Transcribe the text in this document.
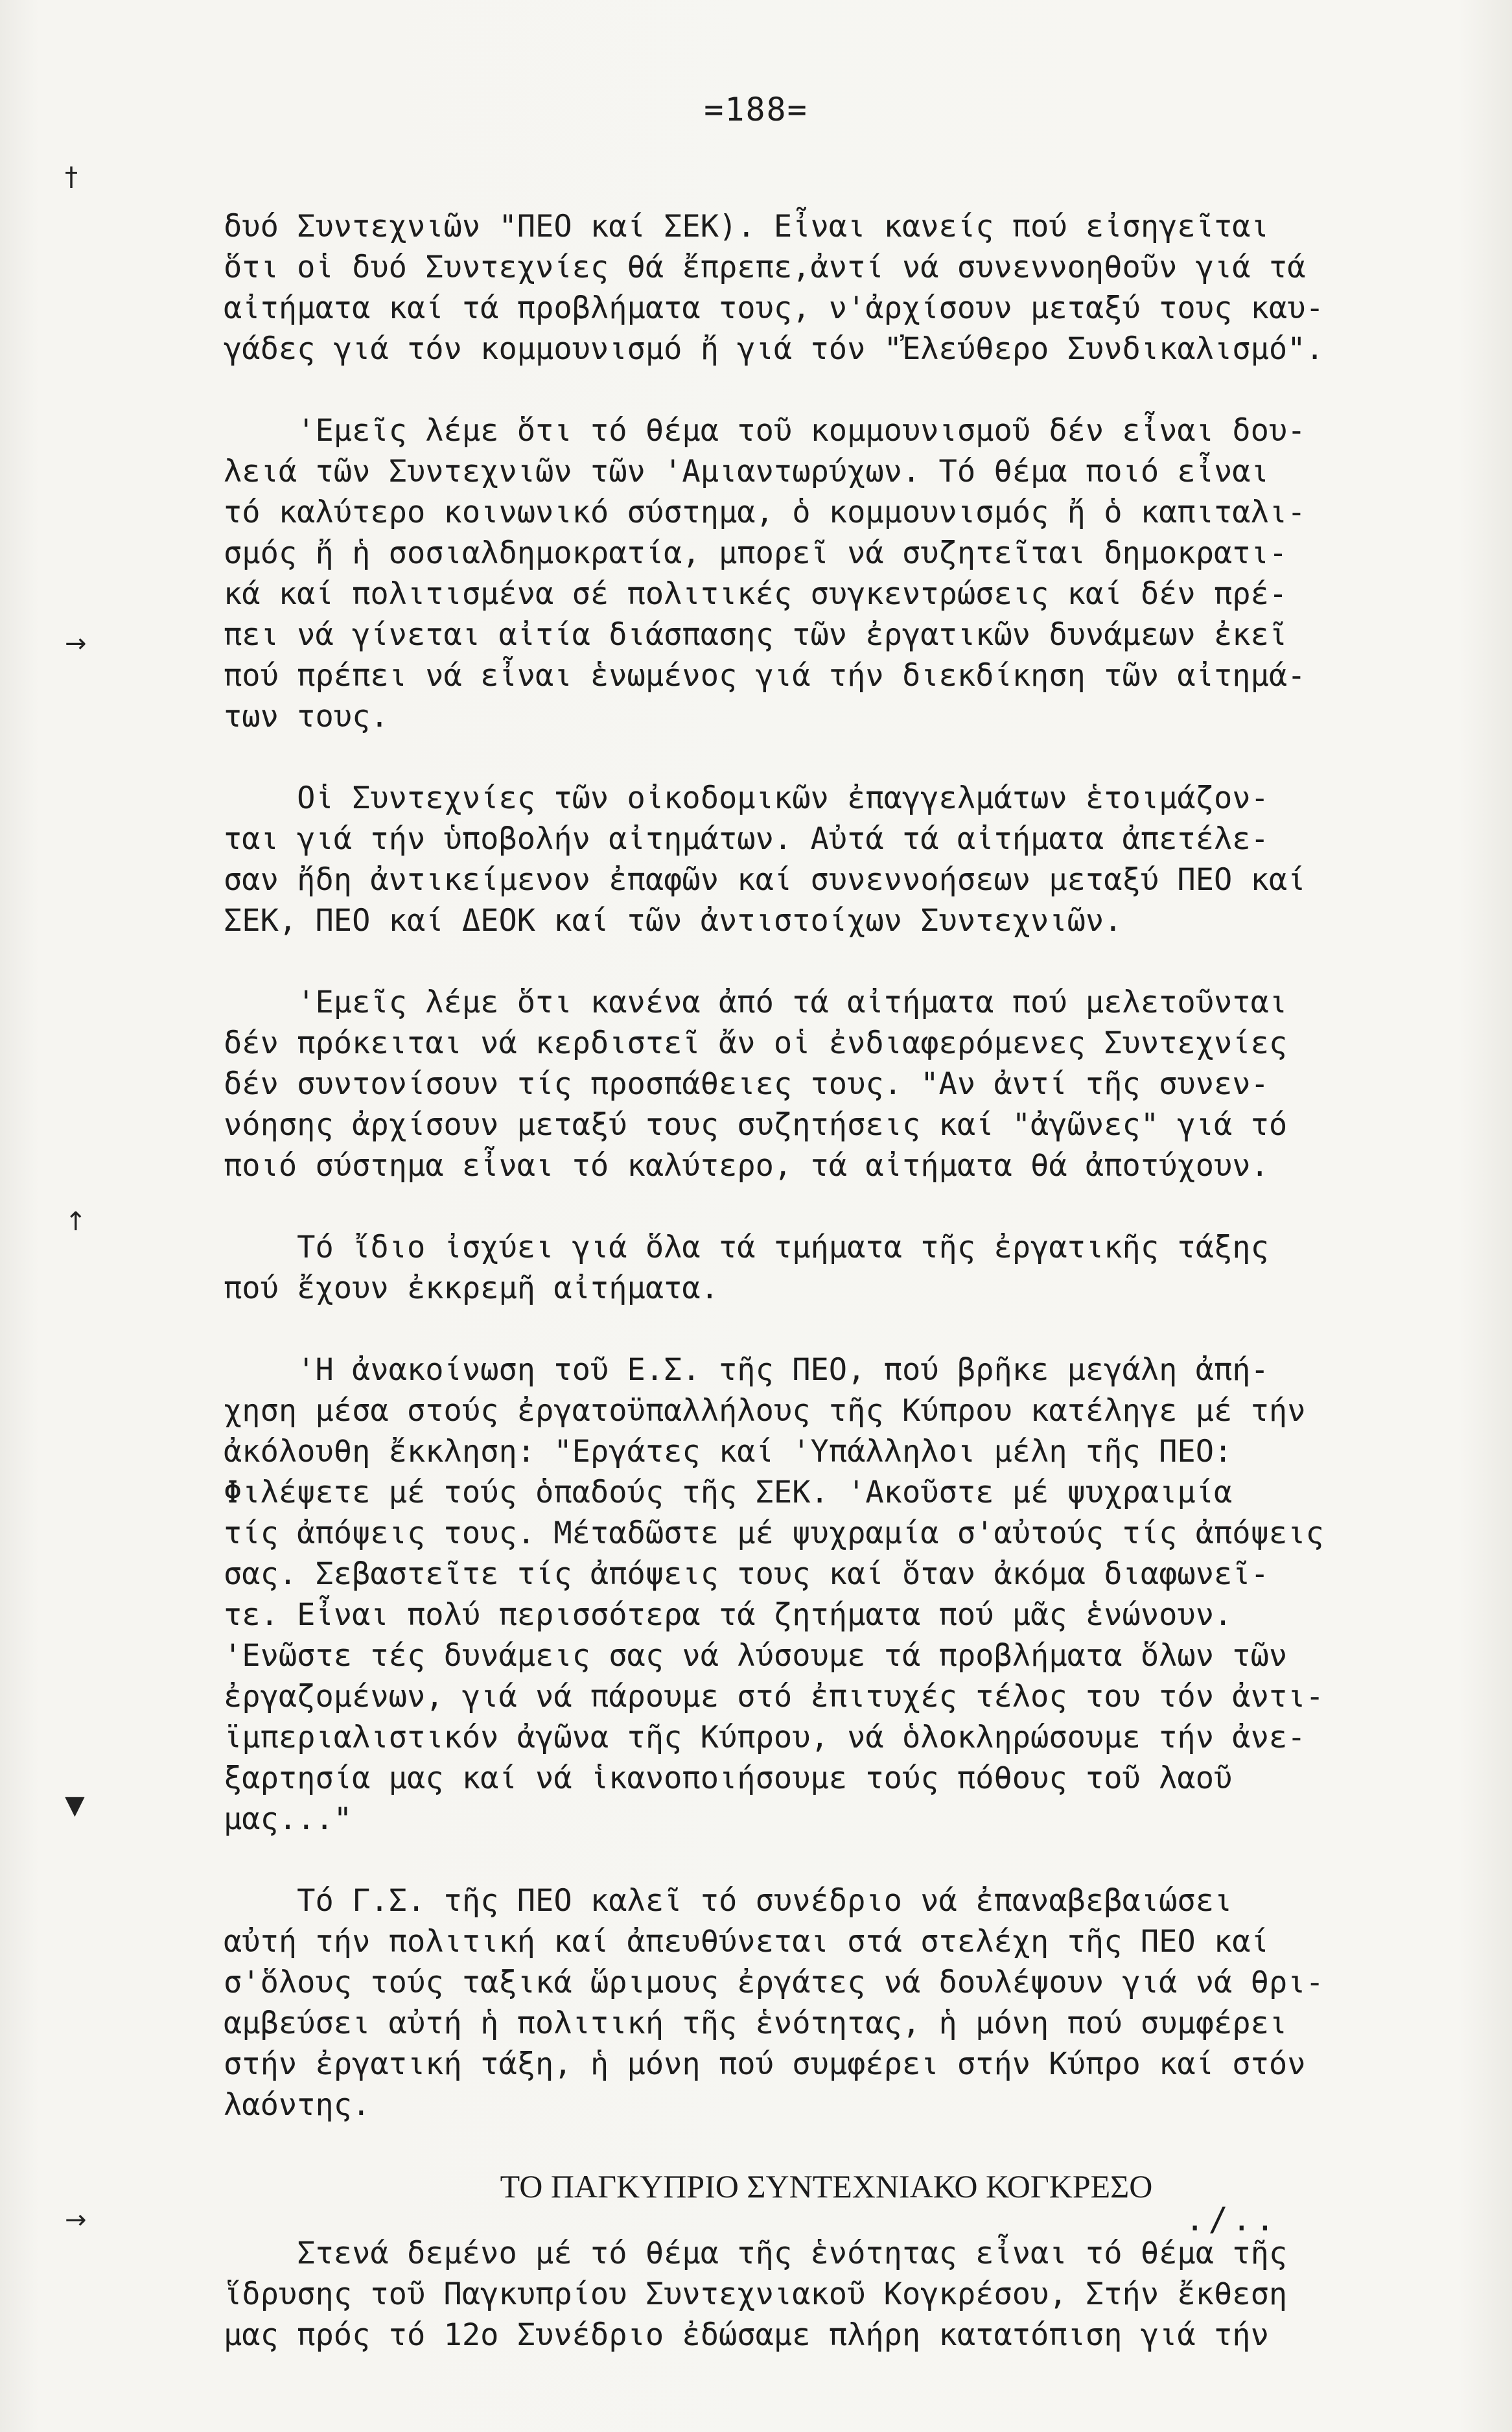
=188=
†
→
↑
▼
→

δυό Συντεχνιῶν "ΠΕΟ καί ΣΕΚ). Εἶναι κανείς πού εἰσηγεῖται
ὅτι οἱ δυό Συντεχνίες θά ἔπρεπε,ἀντί νά συνεννοηθοῦν γιά τά
αἰτήματα καί τά προβλήματα τους, ν'ἀρχίσουν μεταξύ τους καυ-
γάδες γιά τόν κομμουνισμό ἤ γιά τόν "Ἐλεύθερο Συνδικαλισμό".

'Εμεῖς λέμε ὅτι τό θέμα τοῦ κομμουνισμοῦ δέν εἶναι δου-
λειά τῶν Συντεχνιῶν τῶν 'Αμιαντωρύχων. Τό θέμα ποιό εἶναι
τό καλύτερο κοινωνικό σύστημα, ὁ κομμουνισμός ἤ ὁ καπιταλι-
σμός ἤ ἡ σοσιαλδημοκρατία, μπορεῖ νά συζητεῖται δημοκρατι-
κά καί πολιτισμένα σέ πολιτικές συγκεντρώσεις καί δέν πρέ-
πει νά γίνεται αἰτία διάσπασης τῶν ἐργατικῶν δυνάμεων ἐκεῖ
πού πρέπει νά εἶναι ἑνωμένος γιά τήν διεκδίκηση τῶν αἰτημά-
των τους.

Οἱ Συντεχνίες τῶν οἰκοδομικῶν ἐπαγγελμάτων ἑτοιμάζον-
ται γιά τήν ὑποβολήν αἰτημάτων. Αὐτά τά αἰτήματα ἀπετέλε-
σαν ἤδη ἀντικείμενον ἐπαφῶν καί συνεννοήσεων μεταξύ ΠΕΟ καί
ΣΕΚ, ΠΕΟ καί ΔΕΟΚ καί τῶν ἀντιστοίχων Συντεχνιῶν.

'Εμεῖς λέμε ὅτι κανένα ἀπό τά αἰτήματα πού μελετοῦνται
δέν πρόκειται νά κερδιστεῖ ἄν οἱ ἐνδιαφερόμενες Συντεχνίες
δέν συντονίσουν τίς προσπάθειες τους. "Αν ἀντί τῆς συνεν-
νόησης ἀρχίσουν μεταξύ τους συζητήσεις καί "ἀγῶνες" γιά τό
ποιό σύστημα εἶναι τό καλύτερο, τά αἰτήματα θά ἀποτύχουν.

Τό ἴδιο ἰσχύει γιά ὅλα τά τμήματα τῆς ἐργατικῆς τάξης
πού ἔχουν ἐκκρεμῆ αἰτήματα.

'Η ἀνακοίνωση τοῦ Ε.Σ. τῆς ΠΕΟ, πού βρῆκε μεγάλη ἀπή-
χηση μέσα στούς ἐργατοϋπαλλήλους τῆς Κύπρου κατέληγε μέ τήν
ἀκόλουθη ἔκκληση: "Εργάτες καί 'Υπάλληλοι μέλη τῆς ΠΕΟ:
Φιλέψετε μέ τούς ὁπαδούς τῆς ΣΕΚ. 'Ακοῦστε μέ ψυχραιμία
τίς ἀπόψεις τους. Μέταδῶστε μέ ψυχραμία σ'αὐτούς τίς ἀπόψεις
σας. Σεβαστεῖτε τίς ἀπόψεις τους καί ὅταν ἀκόμα διαφωνεῖ-
τε. Εἶναι πολύ περισσότερα τά ζητήματα πού μᾶς ἑνώνουν.
'Ενῶστε τές δυνάμεις σας νά λύσουμε τά προβλήματα ὅλων τῶν
ἐργαζομένων, γιά νά πάρουμε στό ἐπιτυχές τέλος του τόν ἀντι-
ϊμπεριαλιστικόν ἀγῶνα τῆς Κύπρου, νά ὁλοκληρώσουμε τήν ἀνε-
ξαρτησία μας καί νά ἱκανοποιήσουμε τούς πόθους τοῦ λαοῦ
μας..."

Τό Γ.Σ. τῆς ΠΕΟ καλεῖ τό συνέδριο νά ἐπαναβεβαιώσει
αὐτή τήν πολιτική καί ἀπευθύνεται στά στελέχη τῆς ΠΕΟ καί
σ'ὅλους τούς ταξικά ὥριμους ἐργάτες νά δουλέψουν γιά νά θρι-
αμβεύσει αὐτή ἡ πολιτική τῆς ἑνότητας, ἡ μόνη πού συμφέρει
στήν ἐργατική τάξη, ἡ μόνη πού συμφέρει στήν Κύπρο καί στόν
λαόντης.

ΤΟ ΠΑΓΚΥΠΡΙΟ ΣΥΝΤΕΧΝΙΑΚΟ ΚΟΓΚΡΕΣΟ

Στενά δεμένο μέ τό θέμα τῆς ἑνότητας εἶναι τό θέμα τῆς
ἵδρυσης τοῦ Παγκυπρίου Συντεχνιακοῦ Κογκρέσου, Στήν ἔκθεση
μας πρός τό 12ο Συνέδριο ἐδώσαμε πλήρη κατατόπιση γιά τήν

./..
